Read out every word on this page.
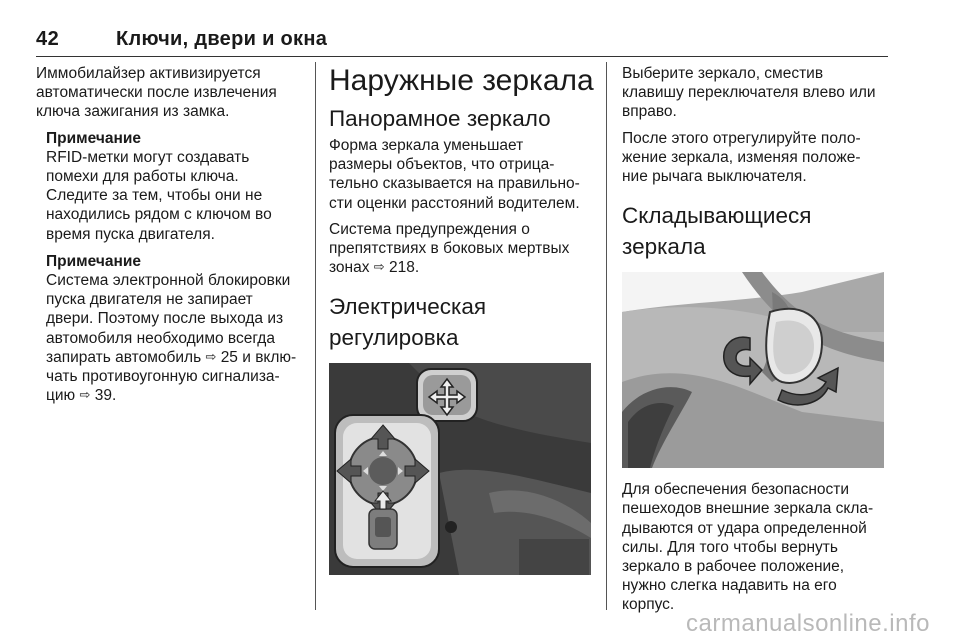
42	Ключи, двери и окна

Иммобилайзер активизируется
автоматически после извлечения
ключа зажигания из замка.

Примечание
RFID-метки могут создавать
помехи для работы ключа.
Следите за тем, чтобы они не
находились рядом с ключом во
время пуска двигателя.
Примечание
Система электронной блокировки
пуска двигателя не запирает
двери. Поэтому после выхода из
автомобиля необходимо всегда
запирать автомобиль ⇨ 25 и вклю-
чать противоугонную сигнализа-
цию ⇨ 39.
Наружные зеркала
Панорамное зеркало

Форма зеркала уменьшает
размеры объектов, что отрица-
тельно сказывается на правильно-
сти оценки расстояний водителем.

Система предупреждения о
препятствиях в боковых мертвых
зонах ⇨ 218.

Электрическая
регулировка

Выберите зеркало, сместив
клавишу переключателя влево или
вправо.

После этого отрегулируйте поло-
жение зеркала, изменяя положе-
ние рычага выключателя.

Складывающиеся
зеркала

Для обеспечения безопасности
пешеходов внешние зеркала скла-
дываются от удара определенной
силы. Для того чтобы вернуть
зеркало в рабочее положение,
нужно слегка надавить на его
корпус.

carmanualsonline.info
